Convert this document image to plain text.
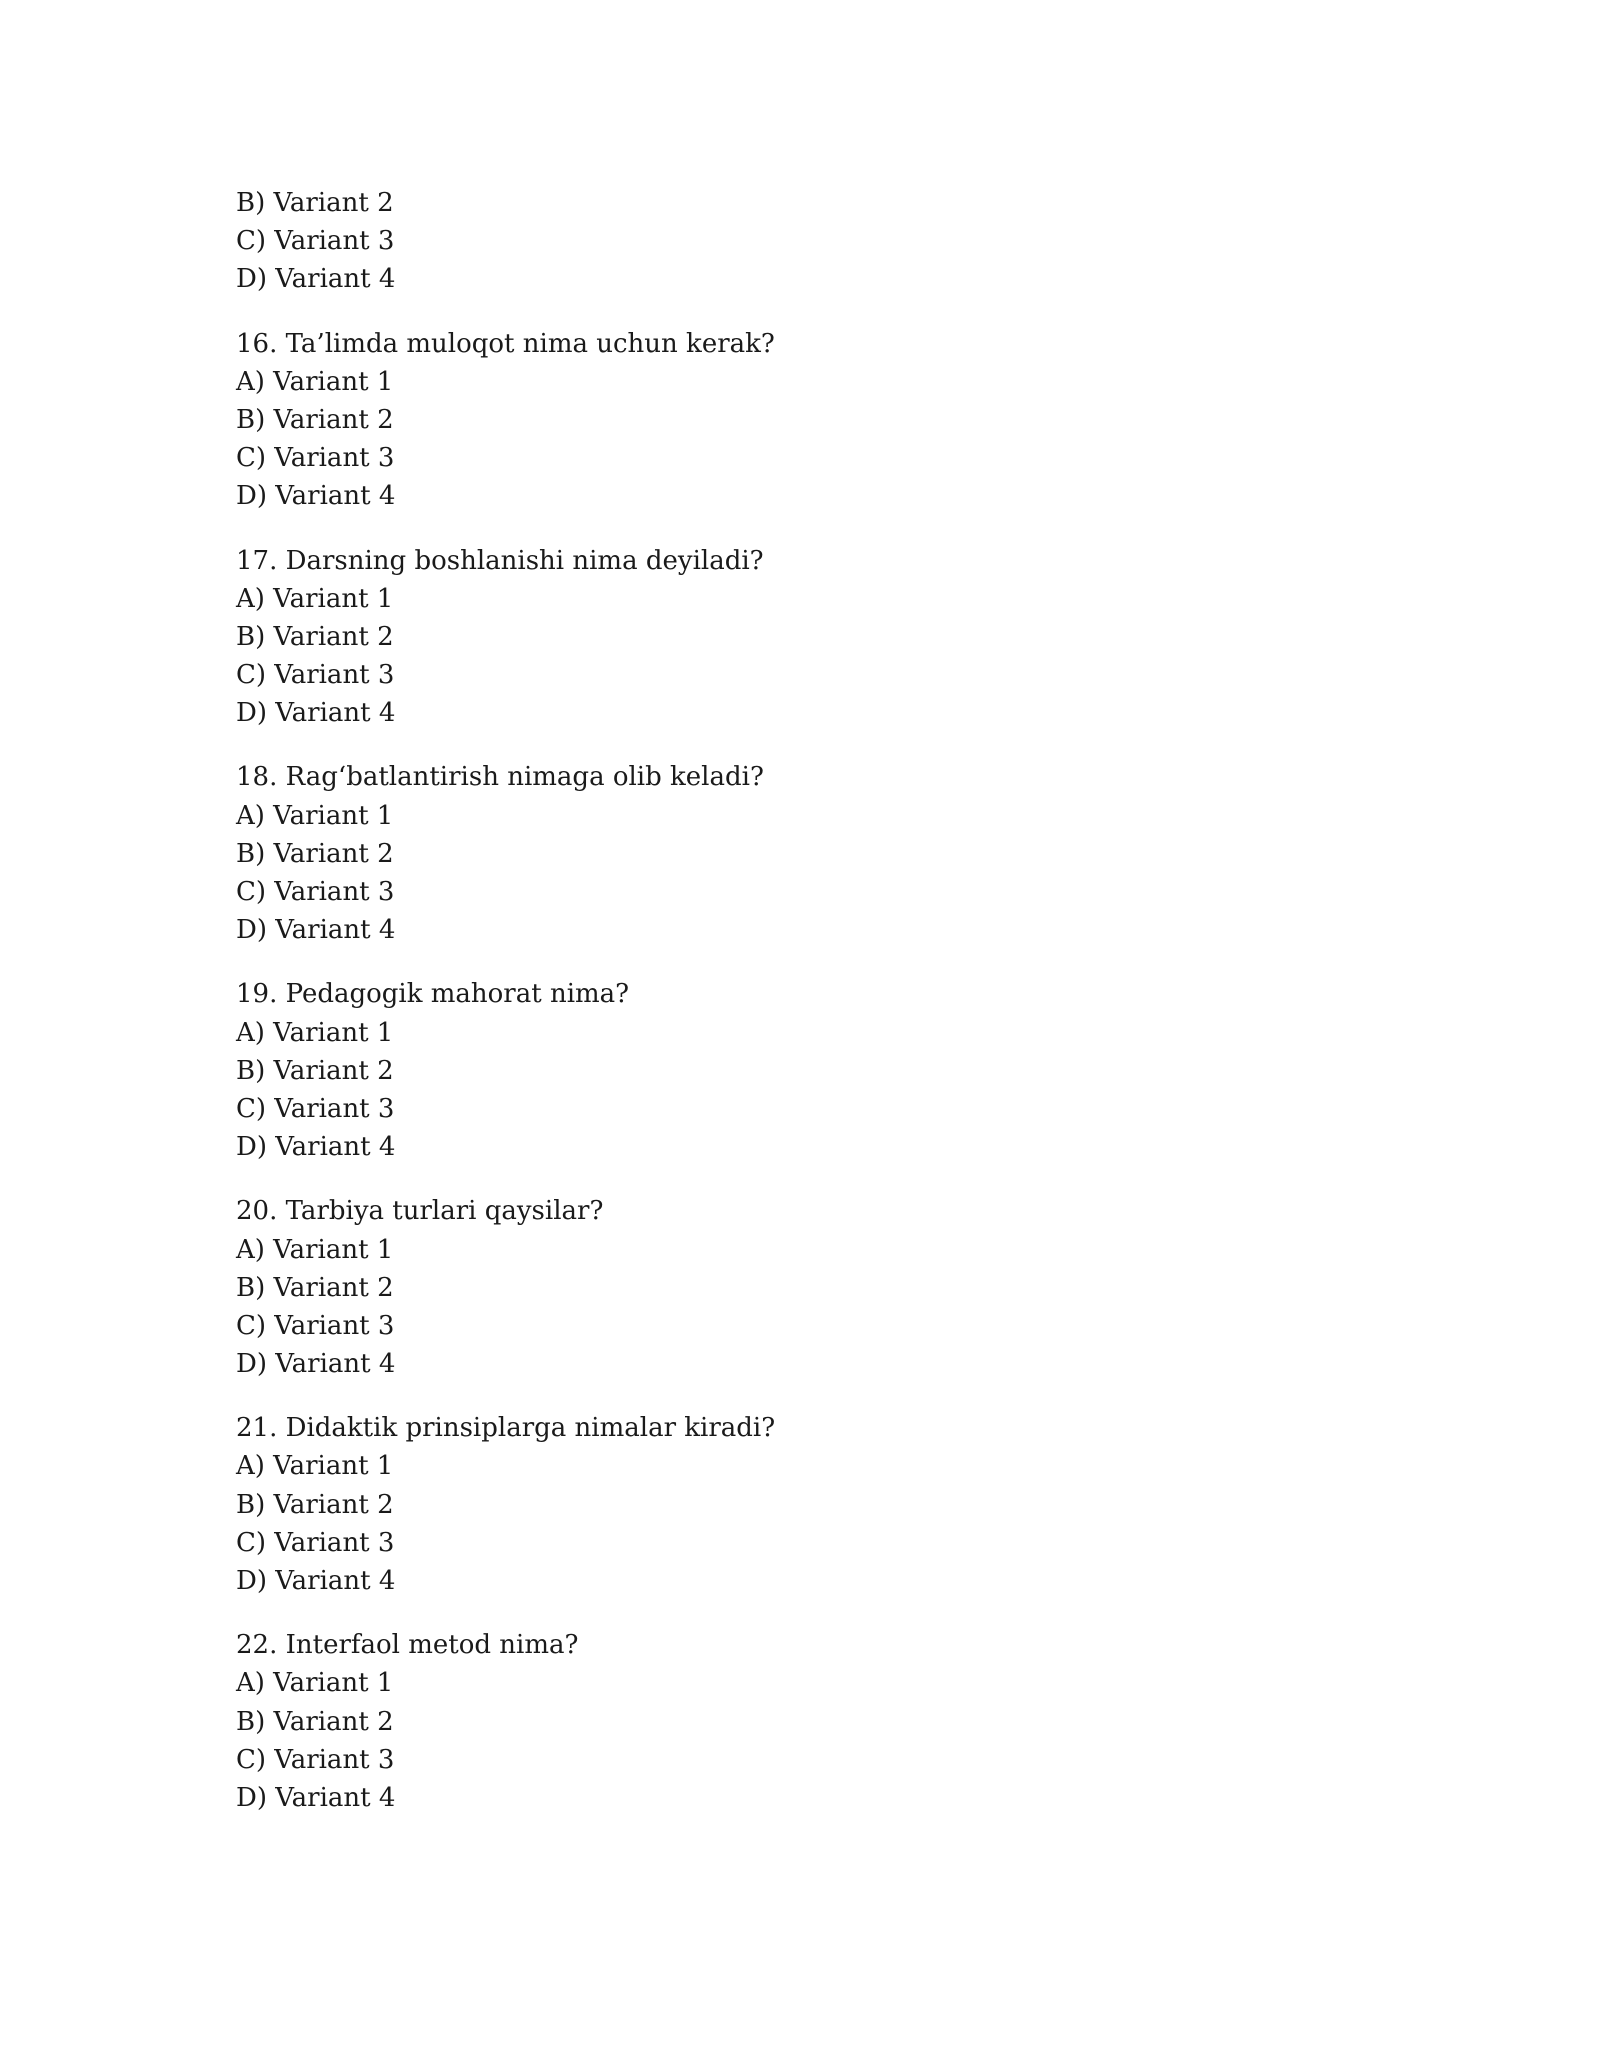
B) Variant 2
C) Variant 3
D) Variant 4
16. Ta’limda muloqot nima uchun kerak?
A) Variant 1
B) Variant 2
C) Variant 3
D) Variant 4
17. Darsning boshlanishi nima deyiladi?
A) Variant 1
B) Variant 2
C) Variant 3
D) Variant 4
18. Rag‘batlantirish nimaga olib keladi?
A) Variant 1
B) Variant 2
C) Variant 3
D) Variant 4
19. Pedagogik mahorat nima?
A) Variant 1
B) Variant 2
C) Variant 3
D) Variant 4
20. Tarbiya turlari qaysilar?
A) Variant 1
B) Variant 2
C) Variant 3
D) Variant 4
21. Didaktik prinsiplarga nimalar kiradi?
A) Variant 1
B) Variant 2
C) Variant 3
D) Variant 4
22. Interfaol metod nima?
A) Variant 1
B) Variant 2
C) Variant 3
D) Variant 4
